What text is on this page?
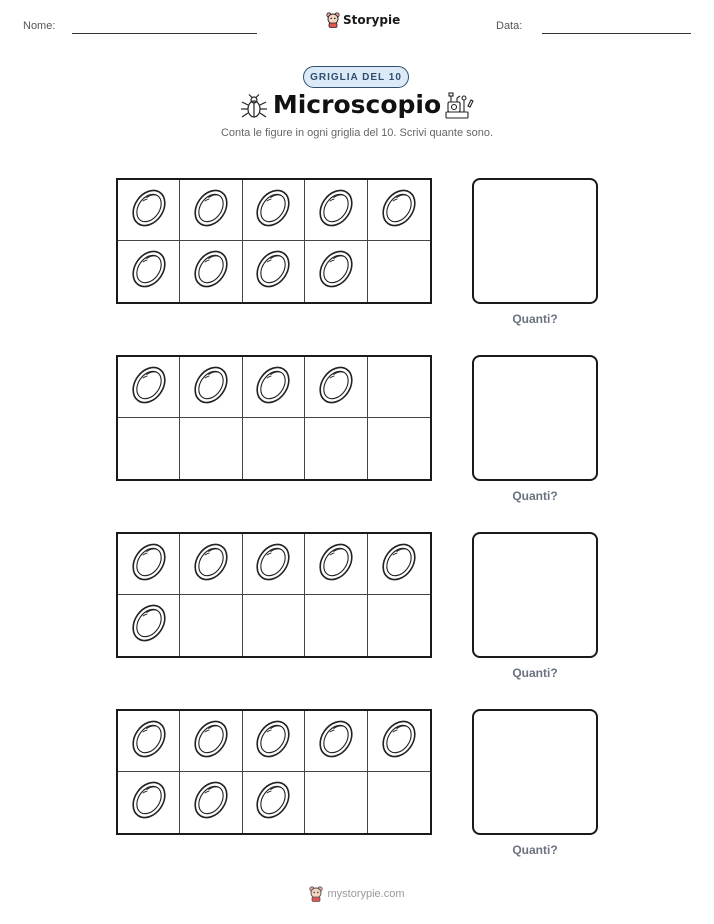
Nome:	Storypie	Data:
GRIGLIA DEL 10
Microscopio
Conta le figure in ogni griglia del 10. Scrivi quante sono.
Quanti?
Quanti?
Quanti?
Quanti?
mystorypie.com
